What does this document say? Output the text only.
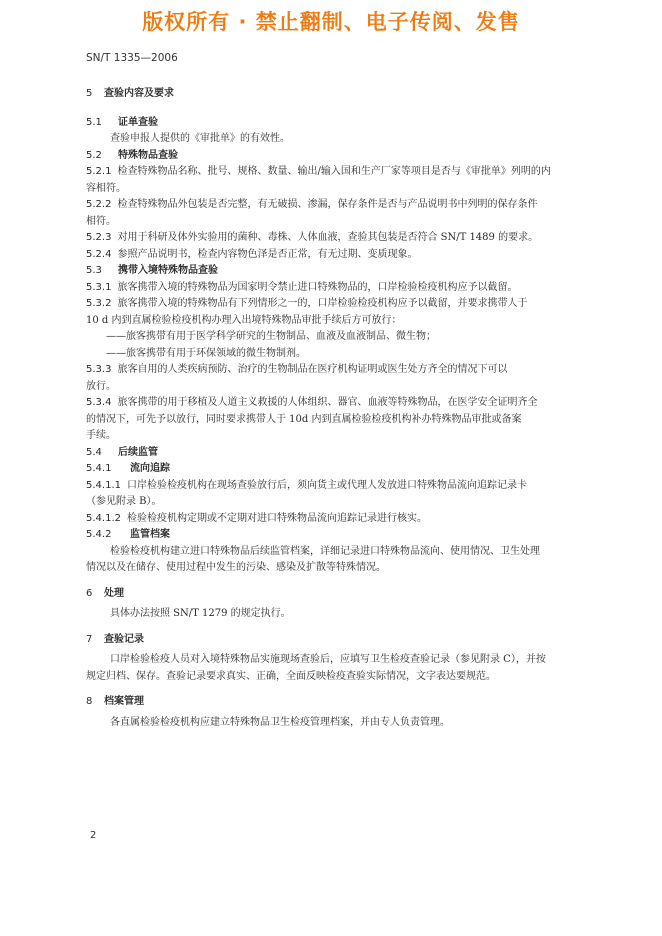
版权所有 · 禁止翻制、电子传阅、发售
SN/T 1335—2006
5 查验内容及要求
5.1 证单查验
查验申报人提供的《审批单》的有效性。
5.2 特殊物品查验
5.2.1 检查特殊物品名称、批号、规格、数量、输出/输入国和生产厂家等项目是否与《审批单》列明的内
容相符。
5.2.2 检查特殊物品外包装是否完整，有无破损、渗漏，保存条件是否与产品说明书中列明的保存条件
相符。
5.2.3 对用于科研及体外实验用的菌种、毒株、人体血液，查验其包装是否符合 SN/T 1489 的要求。
5.2.4 参照产品说明书，检查内容物色泽是否正常，有无过期、变质现象。
5.3 携带入境特殊物品查验
5.3.1 旅客携带入境的特殊物品为国家明令禁止进口特殊物品的，口岸检验检疫机构应予以截留。
5.3.2 旅客携带入境的特殊物品有下列情形之一的，口岸检验检疫机构应予以截留，并要求携带人于
10 d 内到直属检验检疫机构办理入出境特殊物品审批手续后方可放行：
——旅客携带有用于医学科学研究的生物制品、血液及血液制品、微生物；
——旅客携带有用于环保领域的微生物制剂。
5.3.3 旅客自用的人类疾病预防、治疗的生物制品在医疗机构证明或医生处方齐全的情况下可以
放行。
5.3.4 旅客携带的用于移植及人道主义救援的人体组织、器官、血液等特殊物品，在医学安全证明齐全
的情况下，可先予以放行，同时要求携带人于 10d 内到直属检验检疫机构补办特殊物品审批或备案
手续。
5.4 后续监管
5.4.1 流向追踪
5.4.1.1 口岸检验检疫机构在现场查验放行后，须向货主或代理人发放进口特殊物品流向追踪记录卡
（参见附录 B）。
5.4.1.2 检验检疫机构定期或不定期对进口特殊物品流向追踪记录进行核实。
5.4.2 监管档案
检验检疫机构建立进口特殊物品后续监管档案，详细记录进口特殊物品流向、使用情况、卫生处理
情况以及在储存、使用过程中发生的污染、感染及扩散等特殊情况。
6 处理
具体办法按照 SN/T 1279 的规定执行。
7 查验记录
口岸检验检疫人员对入境特殊物品实施现场查验后，应填写卫生检疫查验记录（参见附录 C），并按
规定归档、保存。查验记录要求真实、正确，全面反映检疫查验实际情况，文字表达要规范。
8 档案管理
各直属检验检疫机构应建立特殊物品卫生检疫管理档案，并由专人负责管理。
2
